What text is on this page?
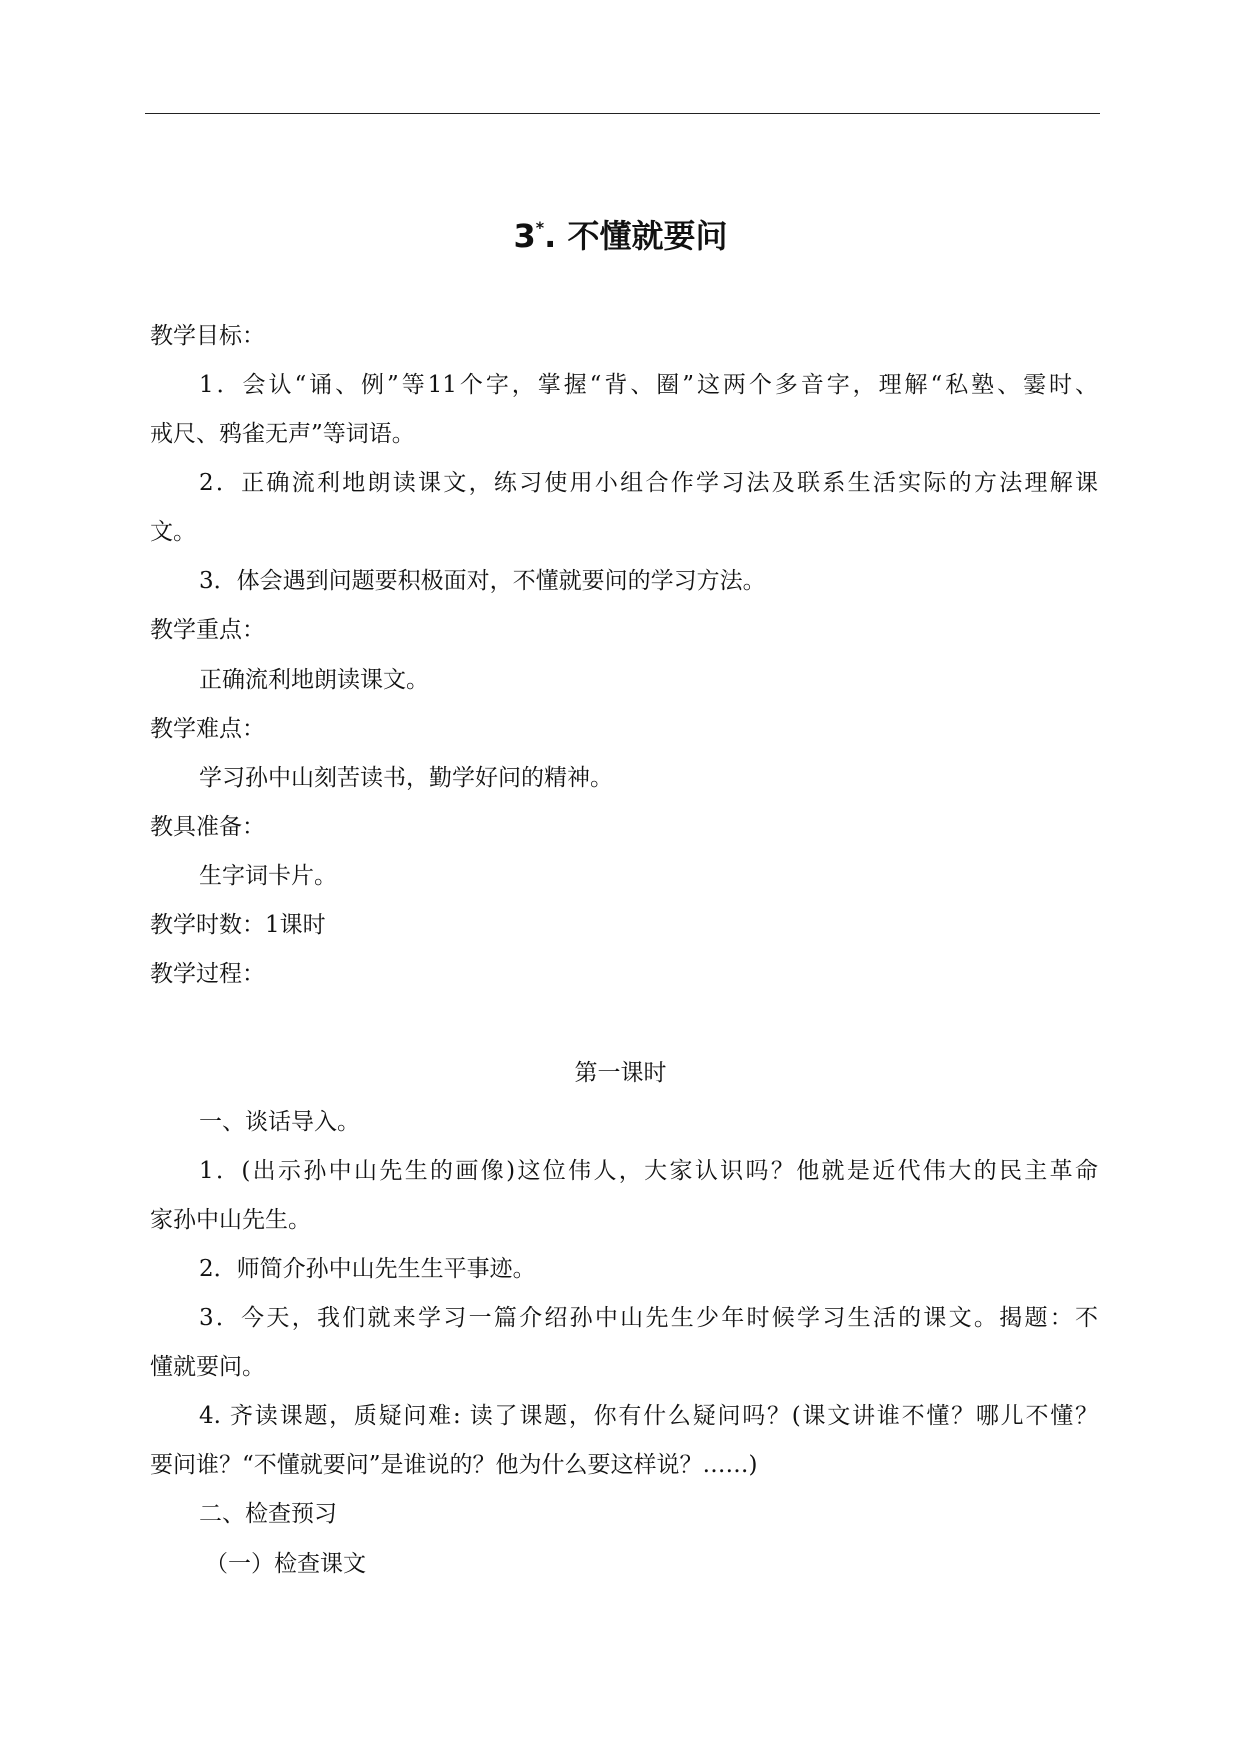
3*. 不懂就要问
教学目标：
1．会认“诵、例”等11个字，掌握“背、圈”这两个多音字，理解“私塾、霎时、
戒尺、鸦雀无声”等词语。
2．正确流利地朗读课文，练习使用小组合作学习法及联系生活实际的方法理解课
文。
3．体会遇到问题要积极面对，不懂就要问的学习方法。
教学重点：
正确流利地朗读课文。
教学难点：
学习孙中山刻苦读书，勤学好问的精神。
教具准备：
生字词卡片。
教学时数：1课时
教学过程：
第一课时
一、谈话导入。
1．(出示孙中山先生的画像)这位伟人，大家认识吗？他就是近代伟大的民主革命
家孙中山先生。
2．师简介孙中山先生生平事迹。
3．今天，我们就来学习一篇介绍孙中山先生少年时候学习生活的课文。揭题：不
懂就要问。
4. 齐读课题，质疑问难: 读了课题，你有什么疑问吗？(课文讲谁不懂？哪儿不懂？
要问谁？“不懂就要问”是谁说的？他为什么要这样说？……)
二、检查预习
（一）检查课文
